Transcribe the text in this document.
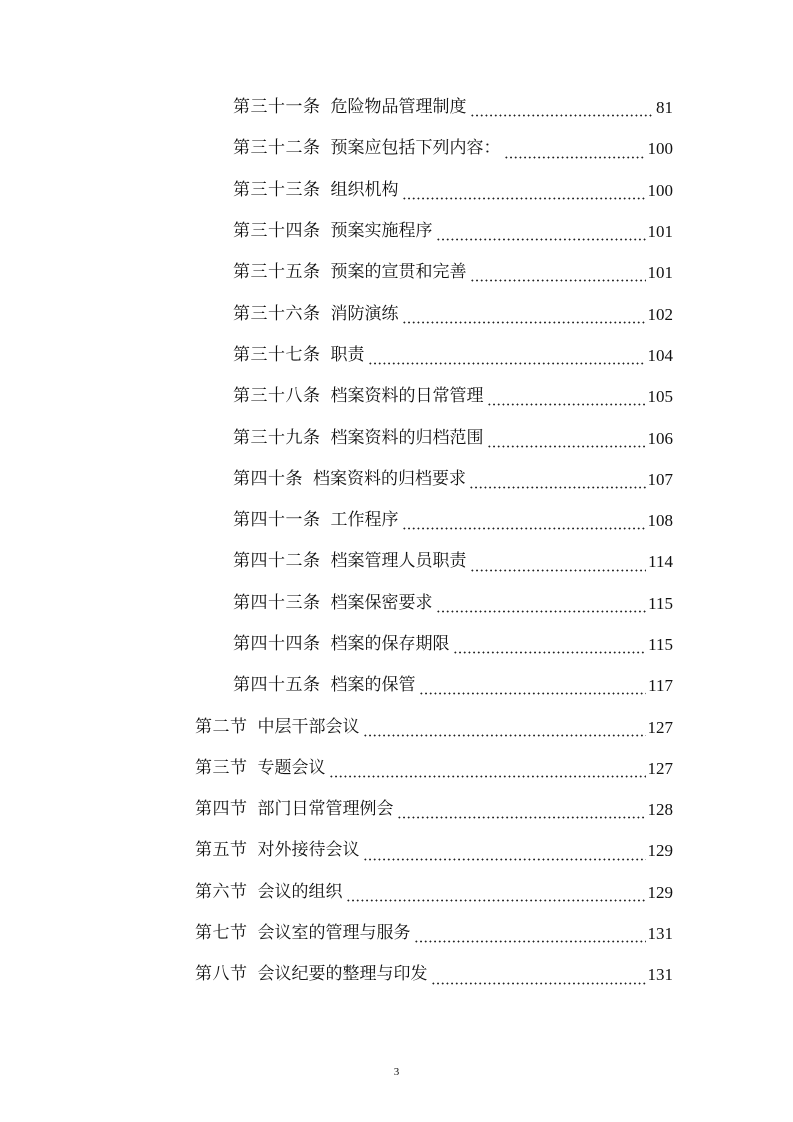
第三十一条 危险物品管理制度	81
第三十二条 预案应包括下列内容：	100
第三十三条 组织机构	100
第三十四条 预案实施程序	101
第三十五条 预案的宣贯和完善	101
第三十六条 消防演练	102
第三十七条 职责	104
第三十八条 档案资料的日常管理	105
第三十九条 档案资料的归档范围	106
第四十条 档案资料的归档要求	107
第四十一条 工作程序	108
第四十二条 档案管理人员职责	114
第四十三条 档案保密要求	115
第四十四条 档案的保存期限	115
第四十五条 档案的保管	117
第二节 中层干部会议	127
第三节 专题会议	127
第四节 部门日常管理例会	128
第五节 对外接待会议	129
第六节 会议的组织	129
第七节 会议室的管理与服务	131
第八节 会议纪要的整理与印发	131
3
